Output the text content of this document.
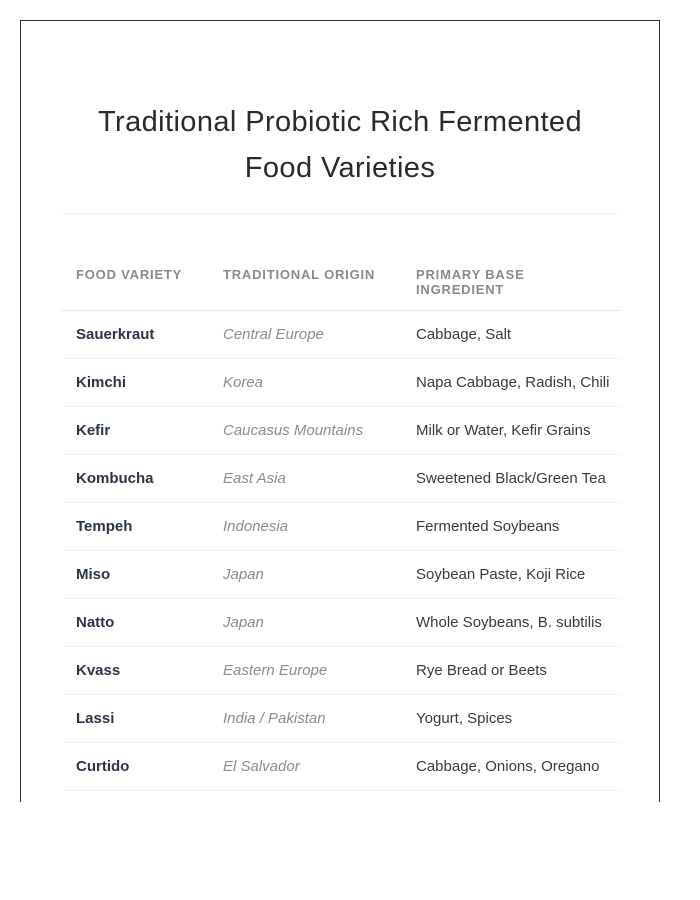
Traditional Probiotic Rich Fermented Food Varieties
FOOD VARIETY	TRADITIONAL ORIGIN	PRIMARY BASE INGREDIENT
Sauerkraut	Central Europe	Cabbage, Salt
Kimchi	Korea	Napa Cabbage, Radish, Chili
Kefir	Caucasus Mountains	Milk or Water, Kefir Grains
Kombucha	East Asia	Sweetened Black/Green Tea
Tempeh	Indonesia	Fermented Soybeans
Miso	Japan	Soybean Paste, Koji Rice
Natto	Japan	Whole Soybeans, B. subtilis
Kvass	Eastern Europe	Rye Bread or Beets
Lassi	India / Pakistan	Yogurt, Spices
Curtido	El Salvador	Cabbage, Onions, Oregano
